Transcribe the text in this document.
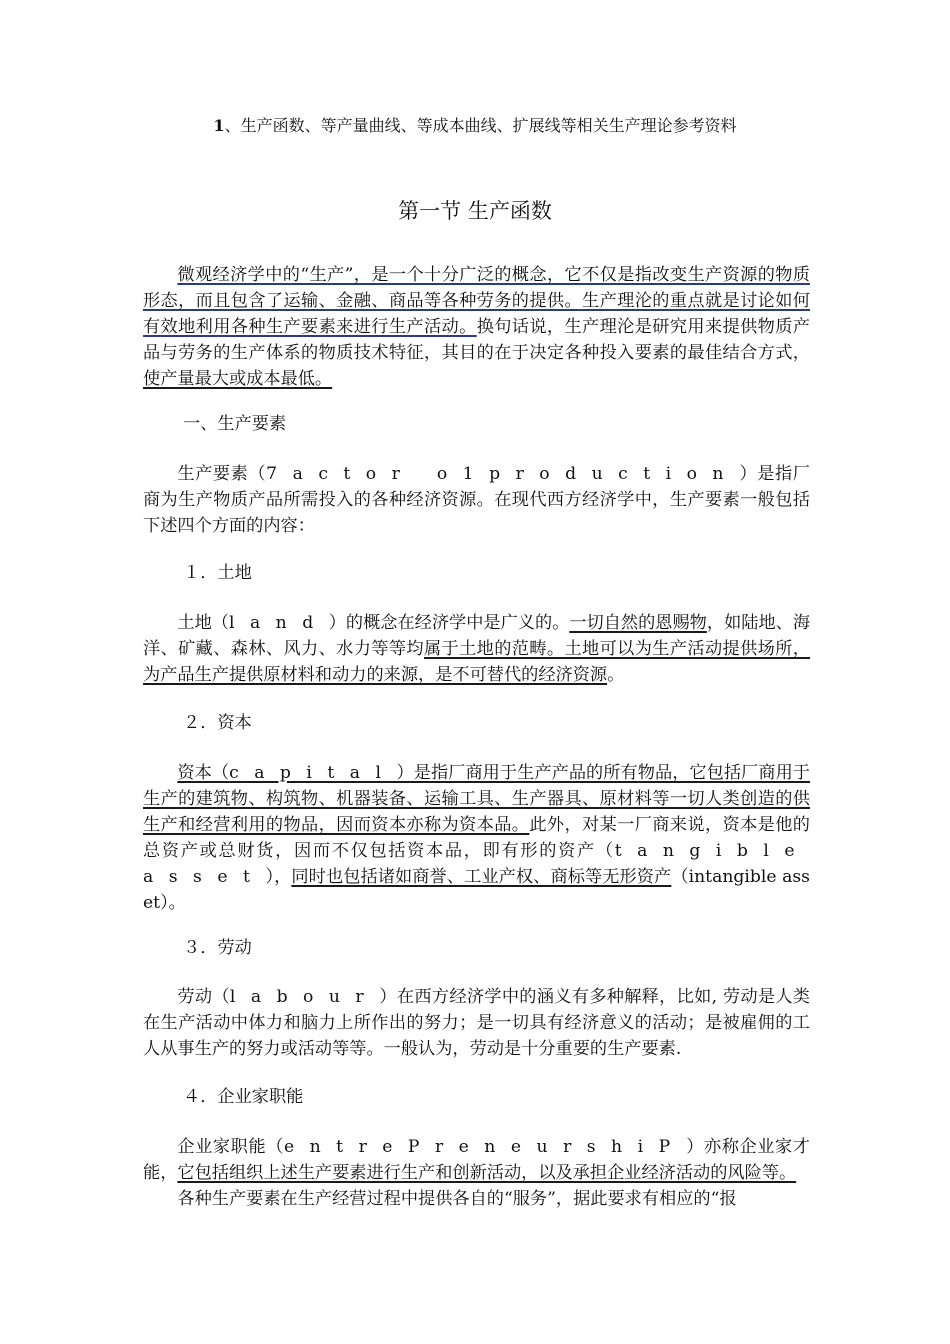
1、生产函数、等产量曲线、等成本曲线、扩展线等相关生产理论参考资料
第一节 生产函数

微观经济学中的“生产”，是一个十分广泛的概念，它不仅是指改变生产资源的物质形态，而且包含了运输、金融、商品等各种劳务的提供。生产理沦的重点就是讨论如何有效地利用各种生产要素来进行生产活动。换句话说，生产理沦是研究用来提供物质产品与劳务的生产体系的物质技术特征，其目的在于决定各种投入要素的最佳结合方式，使产量最大或成本最低。

一、生产要素

生产要素（7actor o1production）是指厂商为生产物质产品所需投入的各种经济资源。在现代西方经济学中，生产要素一般包括下述四个方面的内容：

１．土地

土地（land）的概念在经济学中是广义的。一切自然的恩赐物，如陆地、海洋、矿藏、森林、风力、水力等等均属于土地的范畴。土地可以为生产活动提供场所，为产品生产提供原材料和动力的来源，是不可替代的经济资源。

２．资本

资本（capital）是指厂商用于生产产品的所有物品，它包括厂商用于生产的建筑物、构筑物、机器装备、运输工具、生产器具、原材料等一切人类创造的供生产和经营利用的物品，因而资本亦称为资本品。此外，对某一厂商来说，资本是他的总资产或总财货，因而不仅包括资本品，即有形的资产（tangible asset），同时也包括诸如商誉、工业产权、商标等无形资产（intangible asset）。

３．劳动

劳动（labour）在西方经济学中的涵义有多种解释，比如, 劳动是人类在生产活动中体力和脑力上所作出的努力；是一切具有经济意义的活动；是被雇佣的工人从事生产的努力或活动等等。一般认为，劳动是十分重要的生产要素.

４．企业家职能

企业家职能（entrePreneurshiP）亦称企业家才能，它包括组织上述生产要素进行生产和创新活动，以及承担企业经济活动的风险等。

各种生产要素在生产经营过程中提供各自的“服务”，据此要求有相应的“报
